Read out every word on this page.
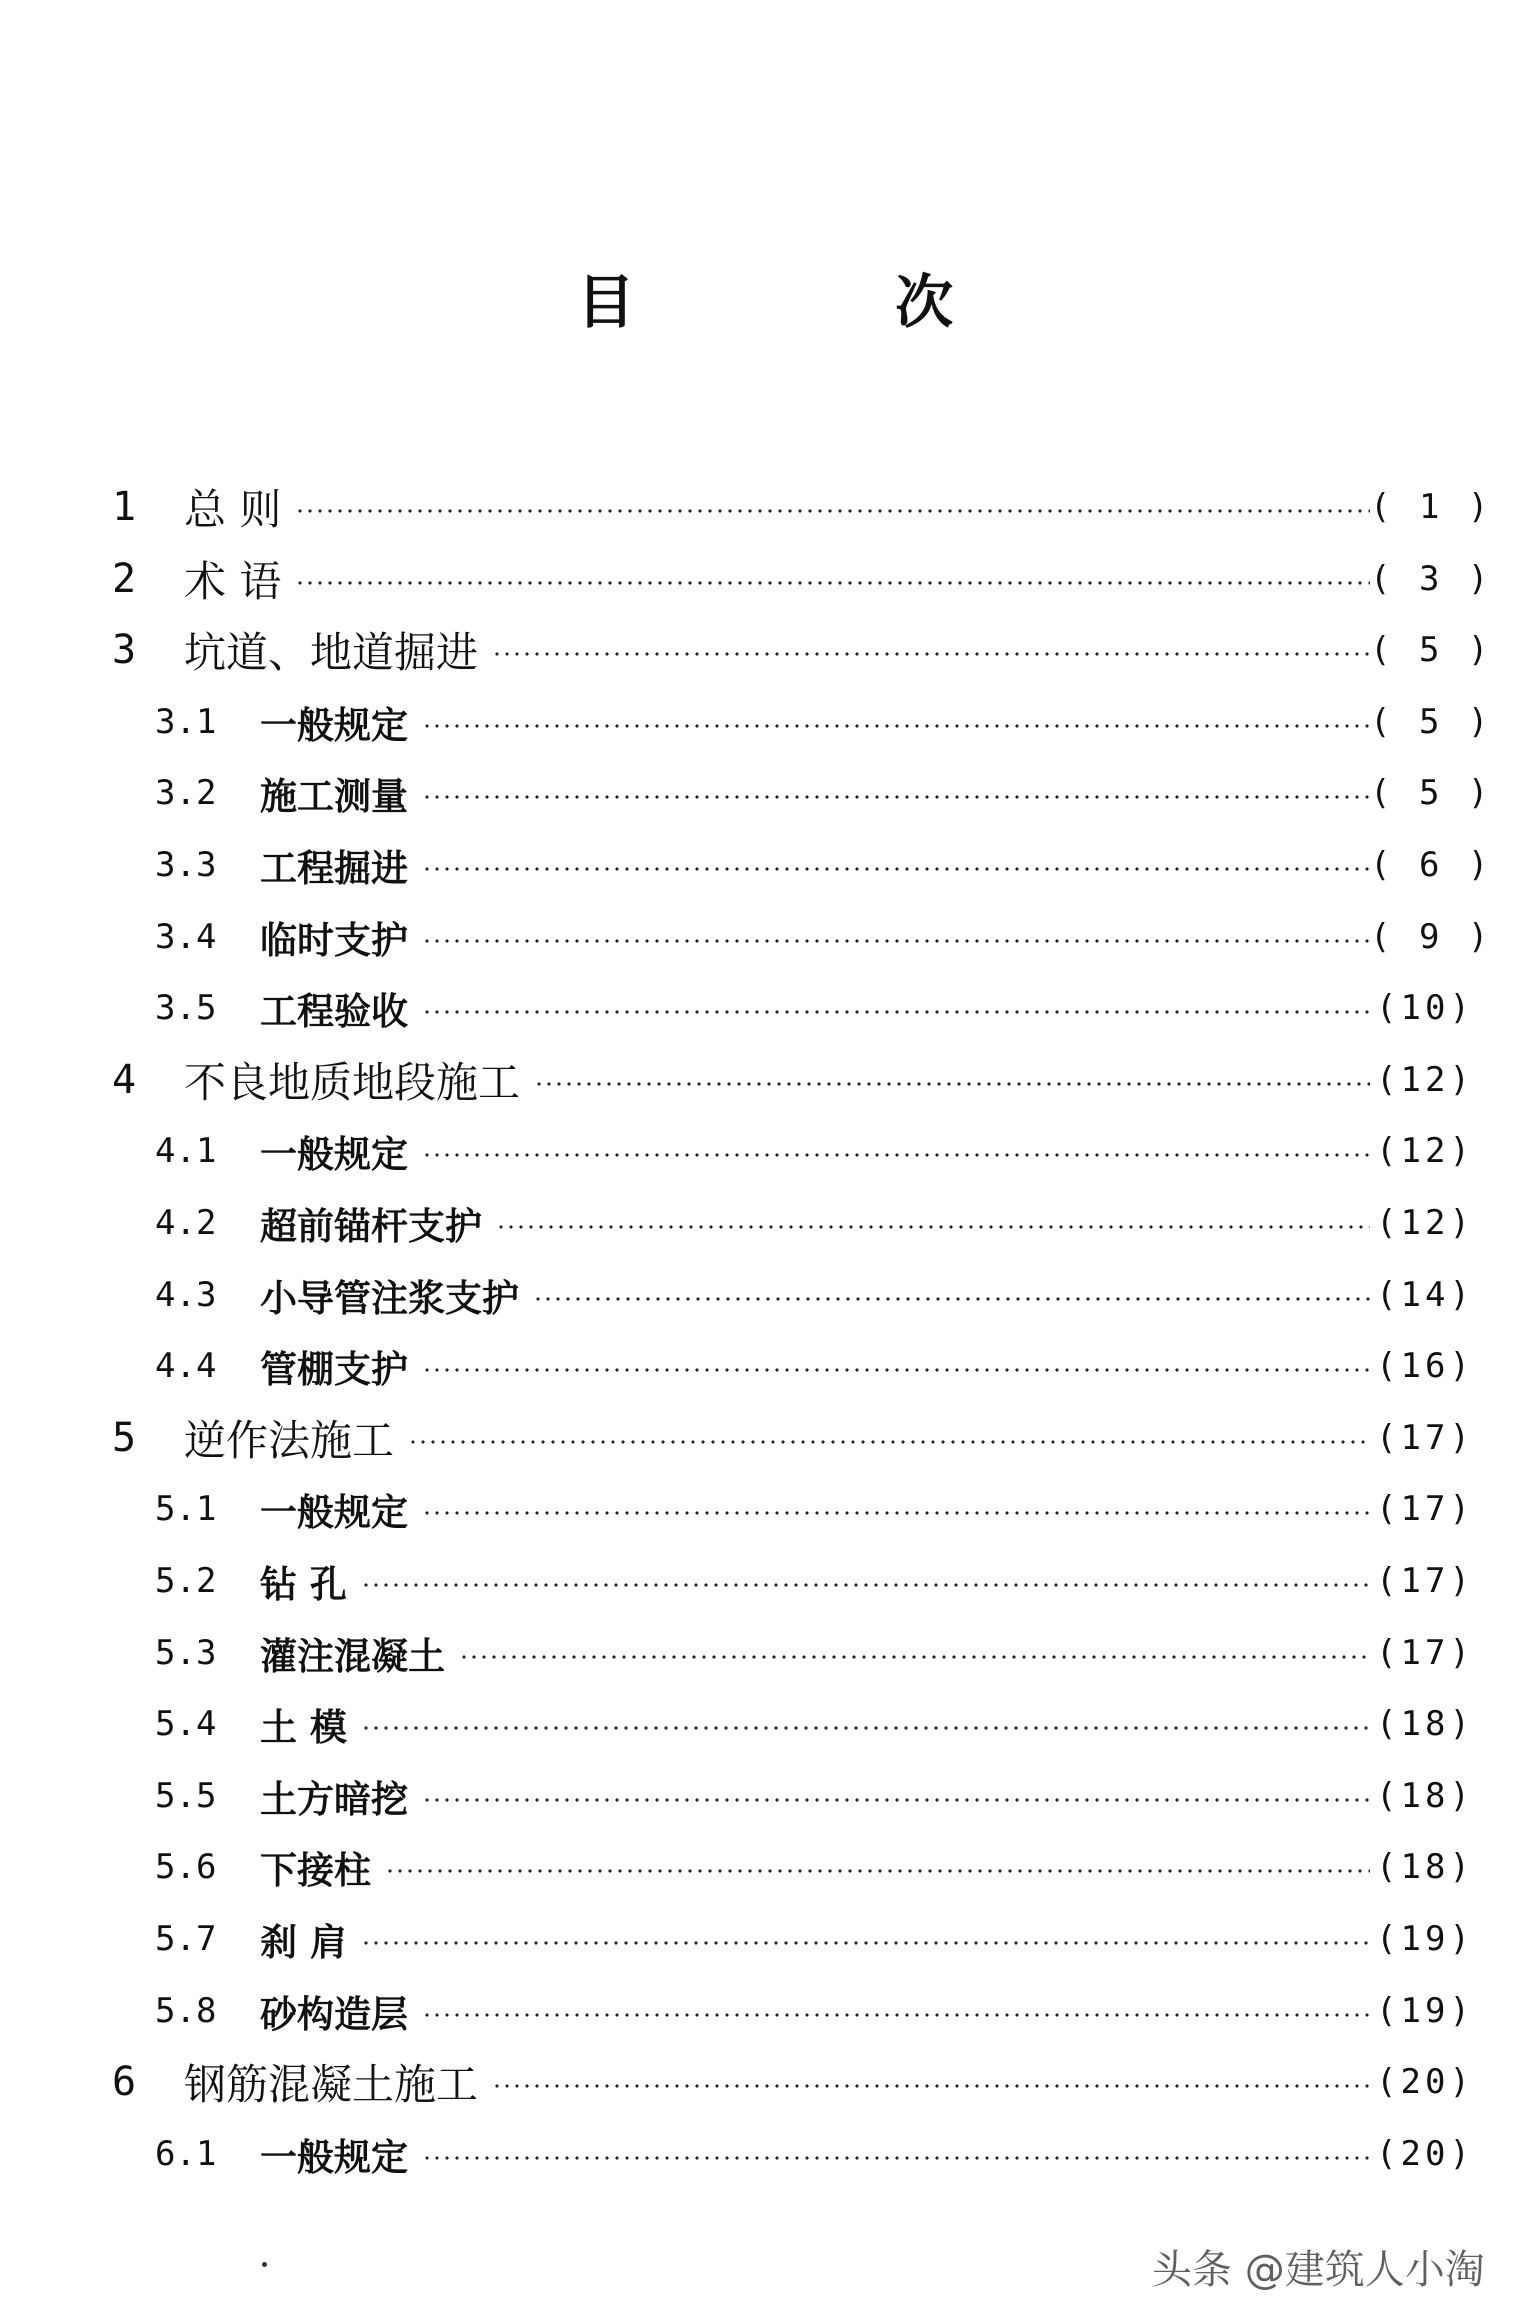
目 次
1	总 则	( 1 )
2	术 语	( 3 )
3	坑道、地道掘进	( 5 )
3.1	一般规定	( 5 )
3.2	施工测量	( 5 )
3.3	工程掘进	( 6 )
3.4	临时支护	( 9 )
3.5	工程验收	(10)
4	不良地质地段施工	(12)
4.1	一般规定	(12)
4.2	超前锚杆支护	(12)
4.3	小导管注浆支护	(14)
4.4	管棚支护	(16)
5	逆作法施工	(17)
5.1	一般规定	(17)
5.2	钻 孔	(17)
5.3	灌注混凝土	(17)
5.4	土 模	(18)
5.5	土方暗挖	(18)
5.6	下接柱	(18)
5.7	刹 肩	(19)
5.8	砂构造层	(19)
6	钢筋混凝土施工	(20)
6.1	一般规定	(20)
头条 @建筑人小淘
